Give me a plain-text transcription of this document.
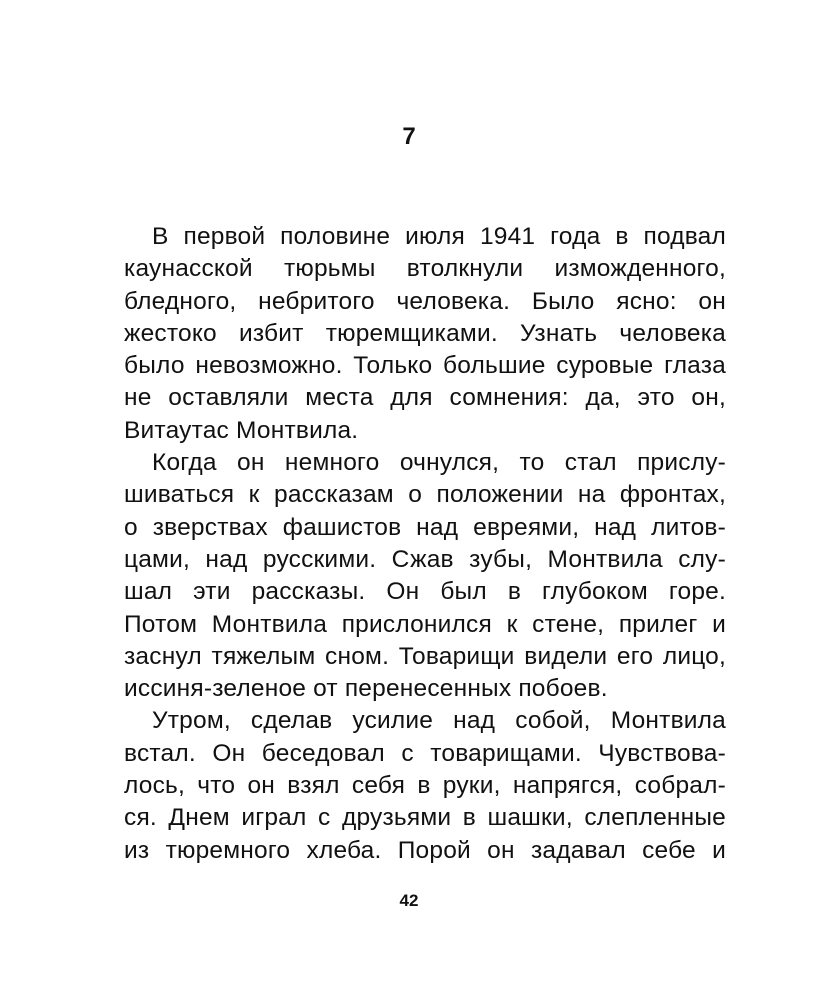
7
В первой половине июля 1941 года в подвал
каунасской тюрьмы втолкнули изможденного,
бледного, небритого человека. Было ясно: он
жестоко избит тюремщиками. Узнать человека
было невозможно. Только большие суровые глаза
не оставляли места для сомнения: да, это он,
Витаутас Монтвила.
Когда он немного очнулся, то стал прислу-
шиваться к рассказам о положении на фронтах,
о зверствах фашистов над евреями, над литов-
цами, над русскими. Сжав зубы, Монтвила слу-
шал эти рассказы. Он был в глубоком горе.
Потом Монтвила прислонился к стене, прилег и
заснул тяжелым сном. Товарищи видели его лицо,
иссиня-зеленое от перенесенных побоев.
Утром, сделав усилие над собой, Монтвила
встал. Он беседовал с товарищами. Чувствова-
лось, что он взял себя в руки, напрягся, собрал-
ся. Днем играл с друзьями в шашки, слепленные
из тюремного хлеба. Порой он задавал себе и
42
